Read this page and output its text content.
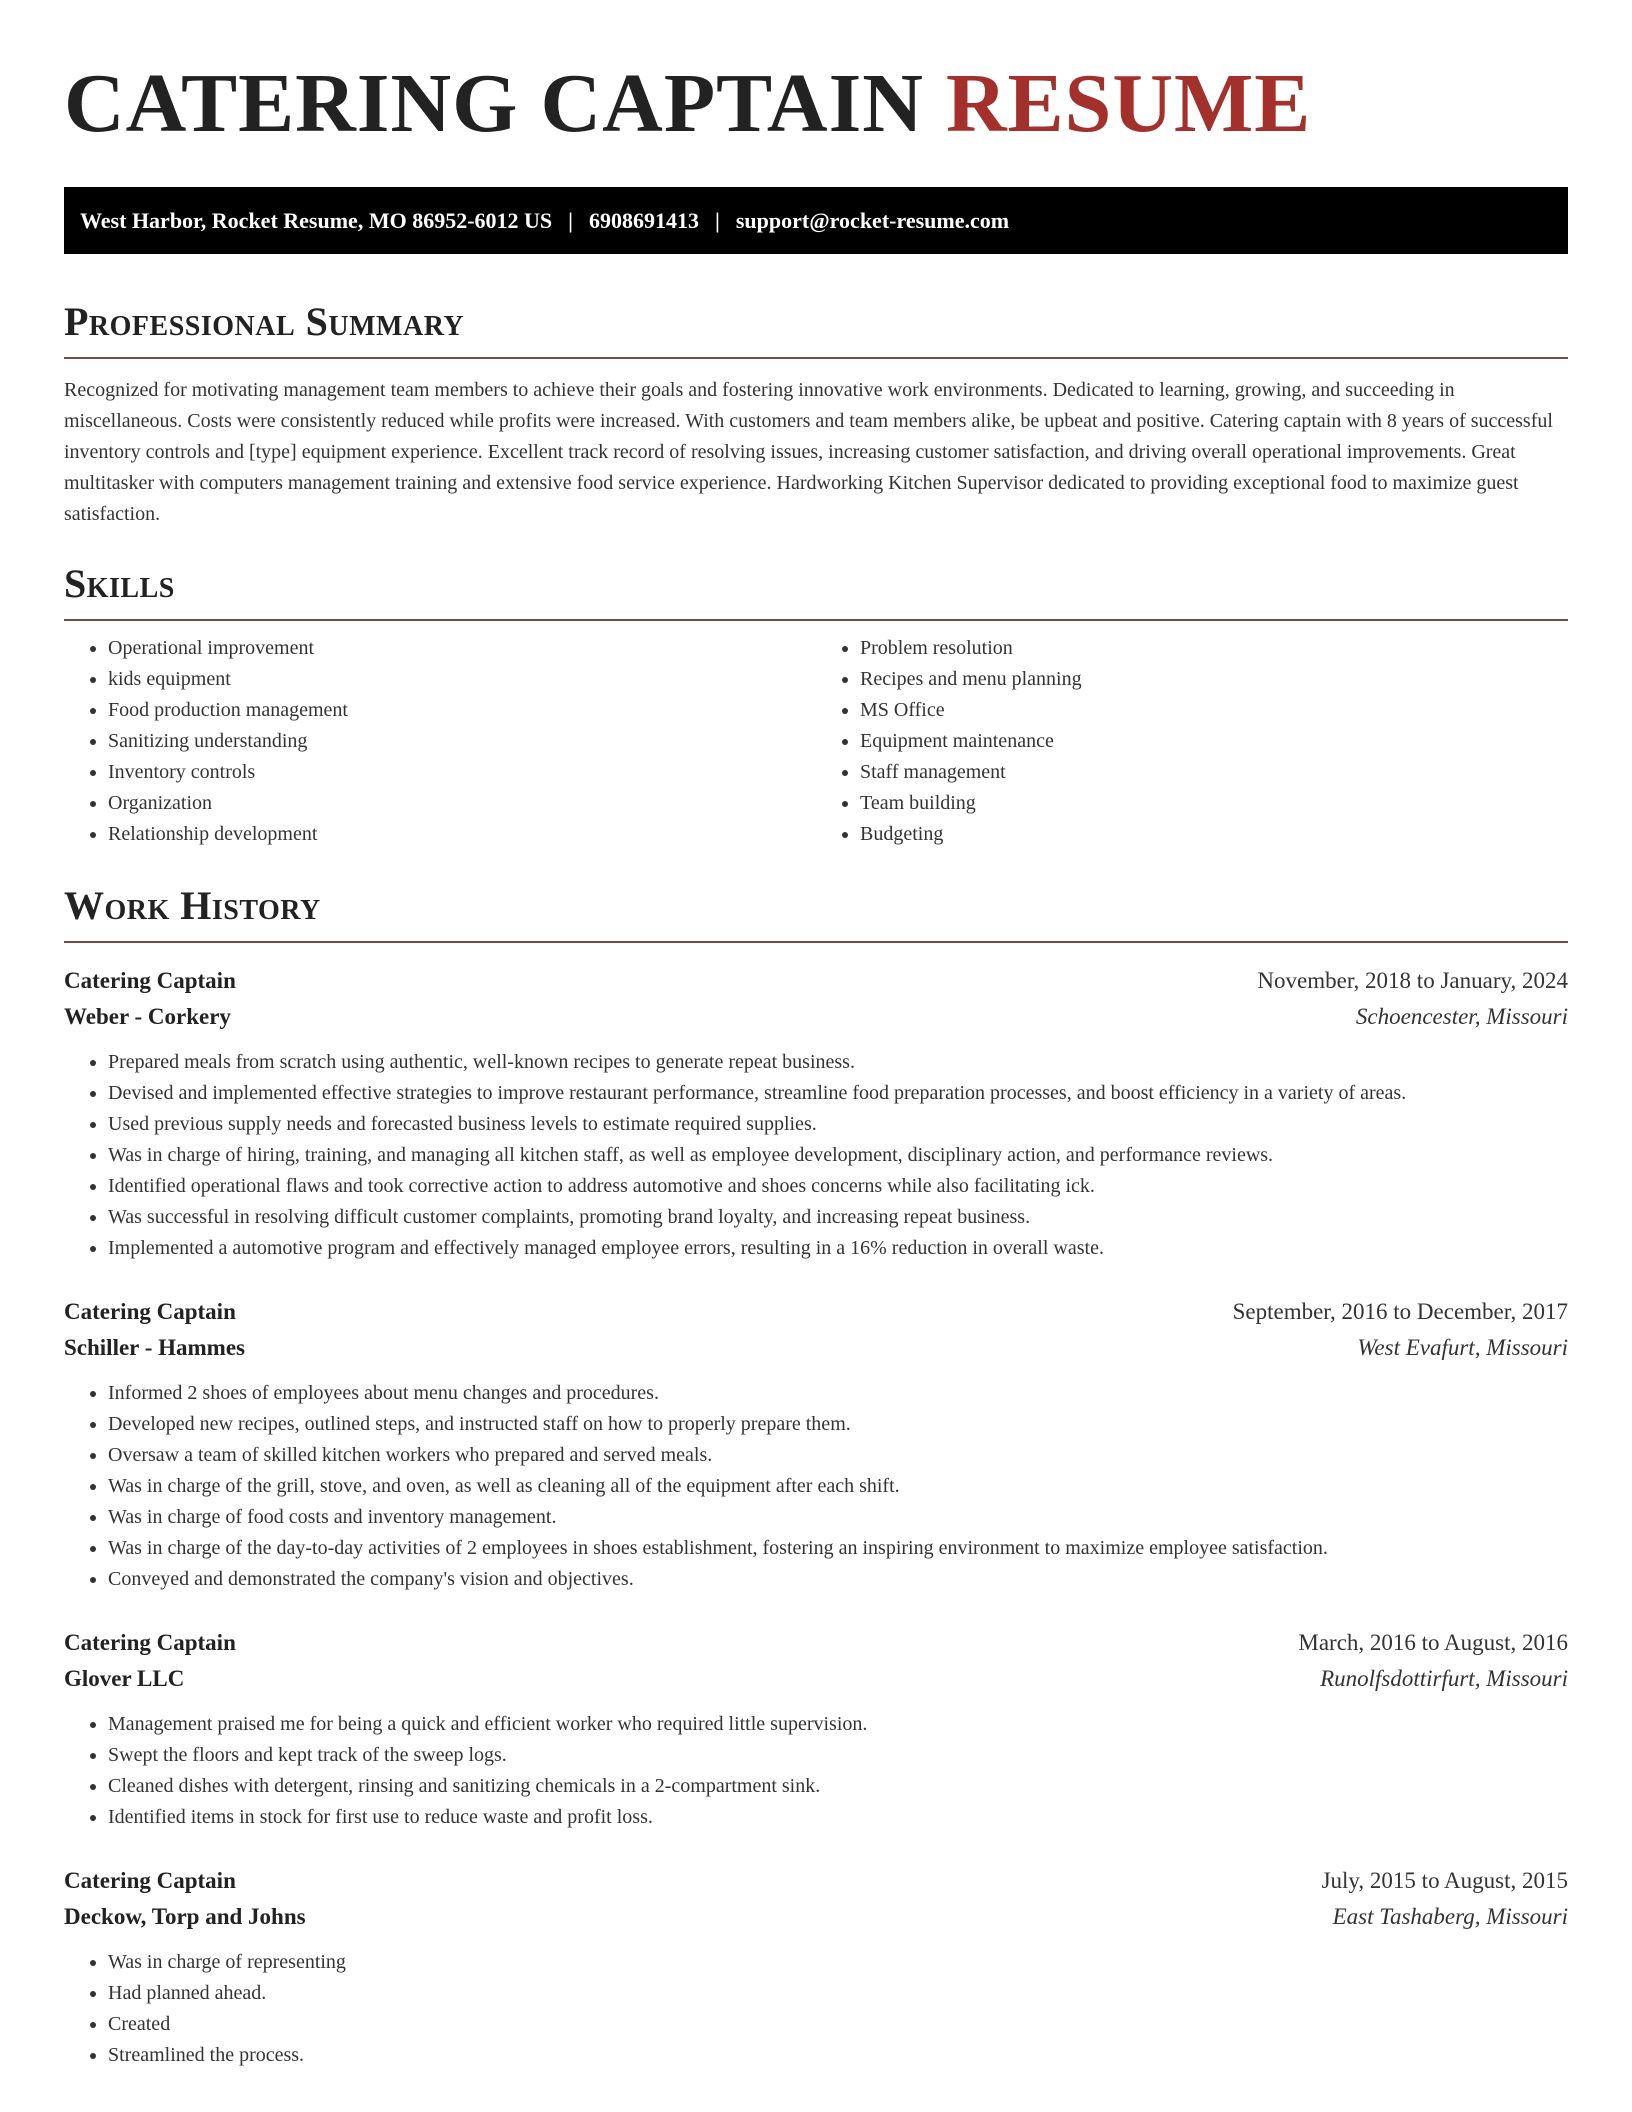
CATERING CAPTAIN RESUME
West Harbor, Rocket Resume, MO 86952-6012 US | 6908691413 | support@rocket-resume.com
Professional Summary

Recognized for motivating management team members to achieve their goals and fostering innovative work environments. Dedicated to learning, growing, and succeeding in miscellaneous. Costs were consistently reduced while profits were increased. With customers and team members alike, be upbeat and positive. Catering captain with 8 years of successful inventory controls and [type] equipment experience. Excellent track record of resolving issues, increasing customer satisfaction, and driving overall operational improvements. Great multitasker with computers management training and extensive food service experience. Hardworking Kitchen Supervisor dedicated to providing exceptional food to maximize guest satisfaction.

Skills
• Operational improvement
• kids equipment
• Food production management
• Sanitizing understanding
• Inventory controls
• Organization
• Relationship development
• Problem resolution
• Recipes and menu planning
• MS Office
• Equipment maintenance
• Staff management
• Team building
• Budgeting
Work History
Catering Captain	November, 2018 to January, 2024
Weber - Corkery	Schoencester, Missouri
• Prepared meals from scratch using authentic, well-known recipes to generate repeat business.
• Devised and implemented effective strategies to improve restaurant performance, streamline food preparation processes, and boost efficiency in a variety of areas.
• Used previous supply needs and forecasted business levels to estimate required supplies.
• Was in charge of hiring, training, and managing all kitchen staff, as well as employee development, disciplinary action, and performance reviews.
• Identified operational flaws and took corrective action to address automotive and shoes concerns while also facilitating ick.
• Was successful in resolving difficult customer complaints, promoting brand loyalty, and increasing repeat business.
• Implemented a automotive program and effectively managed employee errors, resulting in a 16% reduction in overall waste.
Catering Captain	September, 2016 to December, 2017
Schiller - Hammes	West Evafurt, Missouri
• Informed 2 shoes of employees about menu changes and procedures.
• Developed new recipes, outlined steps, and instructed staff on how to properly prepare them.
• Oversaw a team of skilled kitchen workers who prepared and served meals.
• Was in charge of the grill, stove, and oven, as well as cleaning all of the equipment after each shift.
• Was in charge of food costs and inventory management.
• Was in charge of the day-to-day activities of 2 employees in shoes establishment, fostering an inspiring environment to maximize employee satisfaction.
• Conveyed and demonstrated the company's vision and objectives.
Catering Captain	March, 2016 to August, 2016
Glover LLC	Runolfsdottirfurt, Missouri
• Management praised me for being a quick and efficient worker who required little supervision.
• Swept the floors and kept track of the sweep logs.
• Cleaned dishes with detergent, rinsing and sanitizing chemicals in a 2-compartment sink.
• Identified items in stock for first use to reduce waste and profit loss.
Catering Captain	July, 2015 to August, 2015
Deckow, Torp and Johns	East Tashaberg, Missouri
• Was in charge of representing
• Had planned ahead.
• Created
• Streamlined the process.
